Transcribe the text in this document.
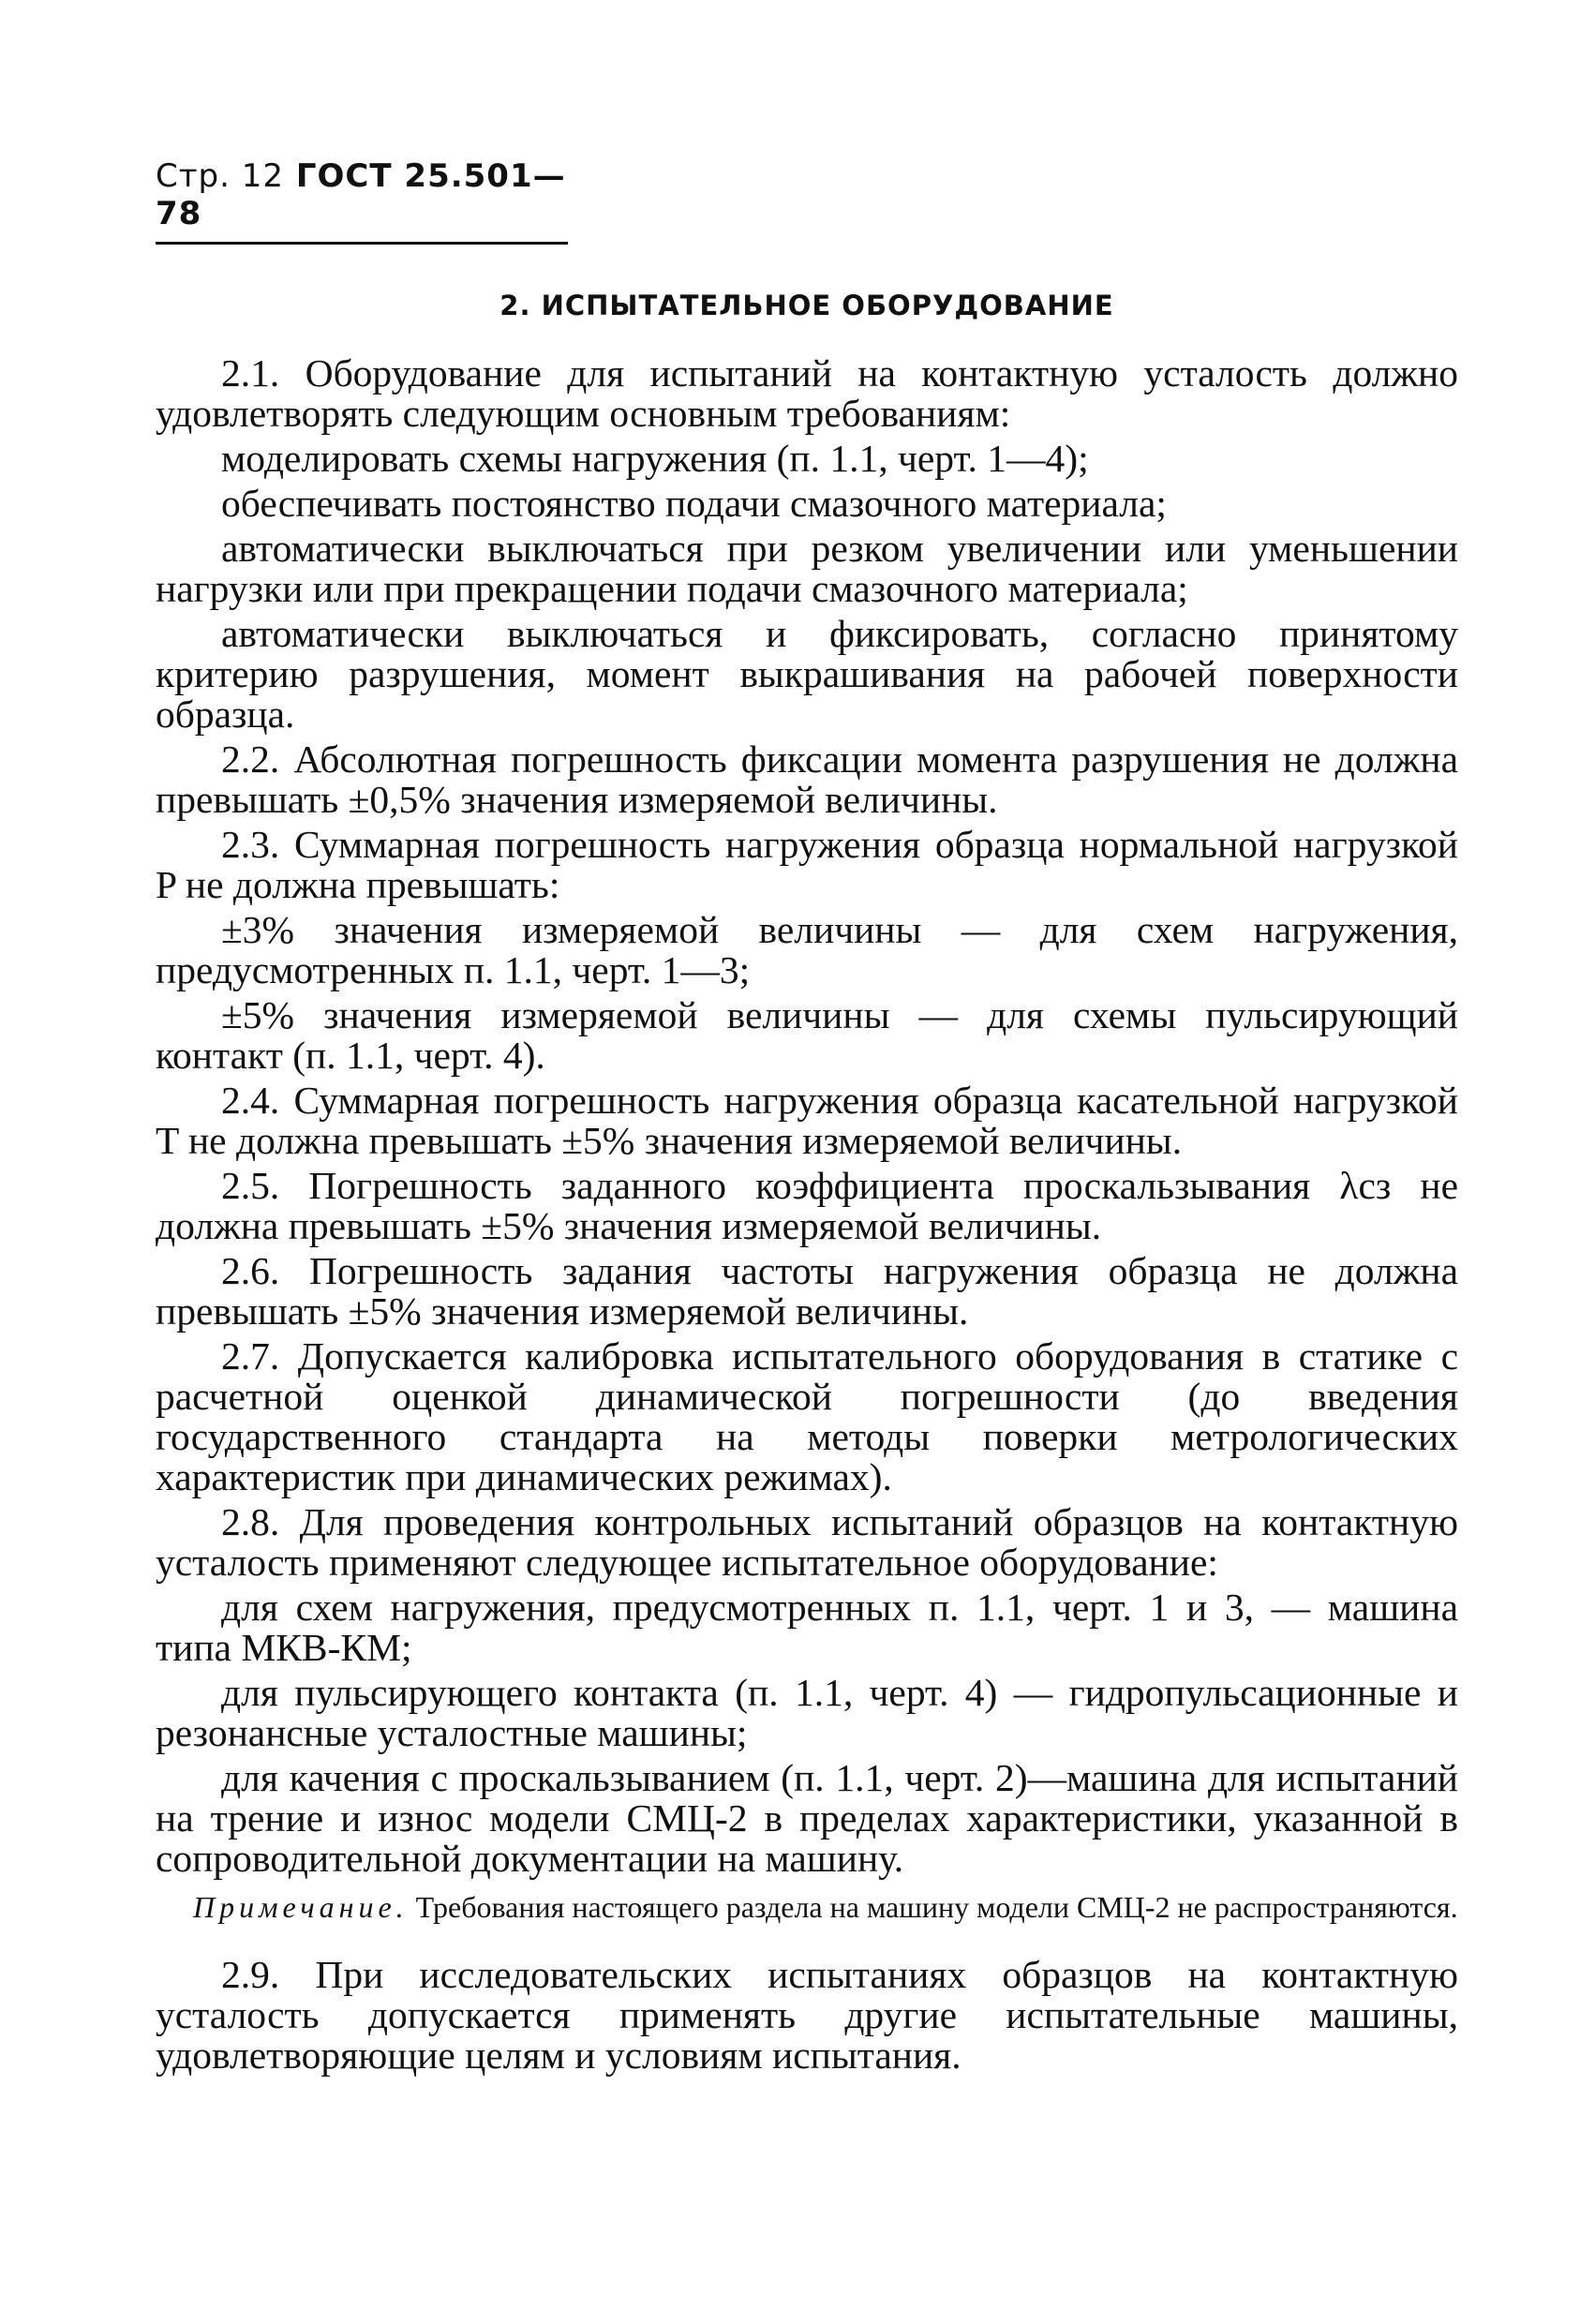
Стр. 12 ГОСТ 25.501—78
2. ИСПЫТАТЕЛЬНОЕ ОБОРУДОВАНИЕ

2.1. Оборудование для испытаний на контактную усталость должно удовлетворять следующим основным требованиям:

моделировать схемы нагружения (п. 1.1, черт. 1—4);

обеспечивать постоянство подачи смазочного материала;

автоматически выключаться при резком увеличении или уменьшении нагрузки или при прекращении подачи смазочного материала;

автоматически выключаться и фиксировать, согласно принятому критерию разрушения, момент выкрашивания на рабочей поверхности образца.

2.2. Абсолютная погрешность фиксации момента разрушения не должна превышать ±0,5% значения измеряемой величины.

2.3. Суммарная погрешность нагружения образца нормальной нагрузкой P не должна превышать:

±3% значения измеряемой величины — для схем нагружения, предусмотренных п. 1.1, черт. 1—3;

±5% значения измеряемой величины — для схемы пульсирующий контакт (п. 1.1, черт. 4).

2.4. Суммарная погрешность нагружения образца касательной нагрузкой T не должна превышать ±5% значения измеряемой величины.

2.5. Погрешность заданного коэффициента проскальзывания λcз не должна превышать ±5% значения измеряемой величины.

2.6. Погрешность задания частоты нагружения образца не должна превышать ±5% значения измеряемой величины.

2.7. Допускается калибровка испытательного оборудования в статике с расчетной оценкой динамической погрешности (до введения государственного стандарта на методы поверки метрологических характеристик при динамических режимах).

2.8. Для проведения контрольных испытаний образцов на контактную усталость применяют следующее испытательное оборудование:

для схем нагружения, предусмотренных п. 1.1, черт. 1 и 3, — машина типа МКВ-КМ;

для пульсирующего контакта (п. 1.1, черт. 4) — гидропульсационные и резонансные усталостные машины;

для качения с проскальзыванием (п. 1.1, черт. 2)—машина для испытаний на трение и износ модели СМЦ-2 в пределах характеристики, указанной в сопроводительной документации на машину.

Примечание. Требования настоящего раздела на машину модели СМЦ-2 не распространяются.

2.9. При исследовательских испытаниях образцов на контактную усталость допускается применять другие испытательные машины, удовлетворяющие целям и условиям испытания.
